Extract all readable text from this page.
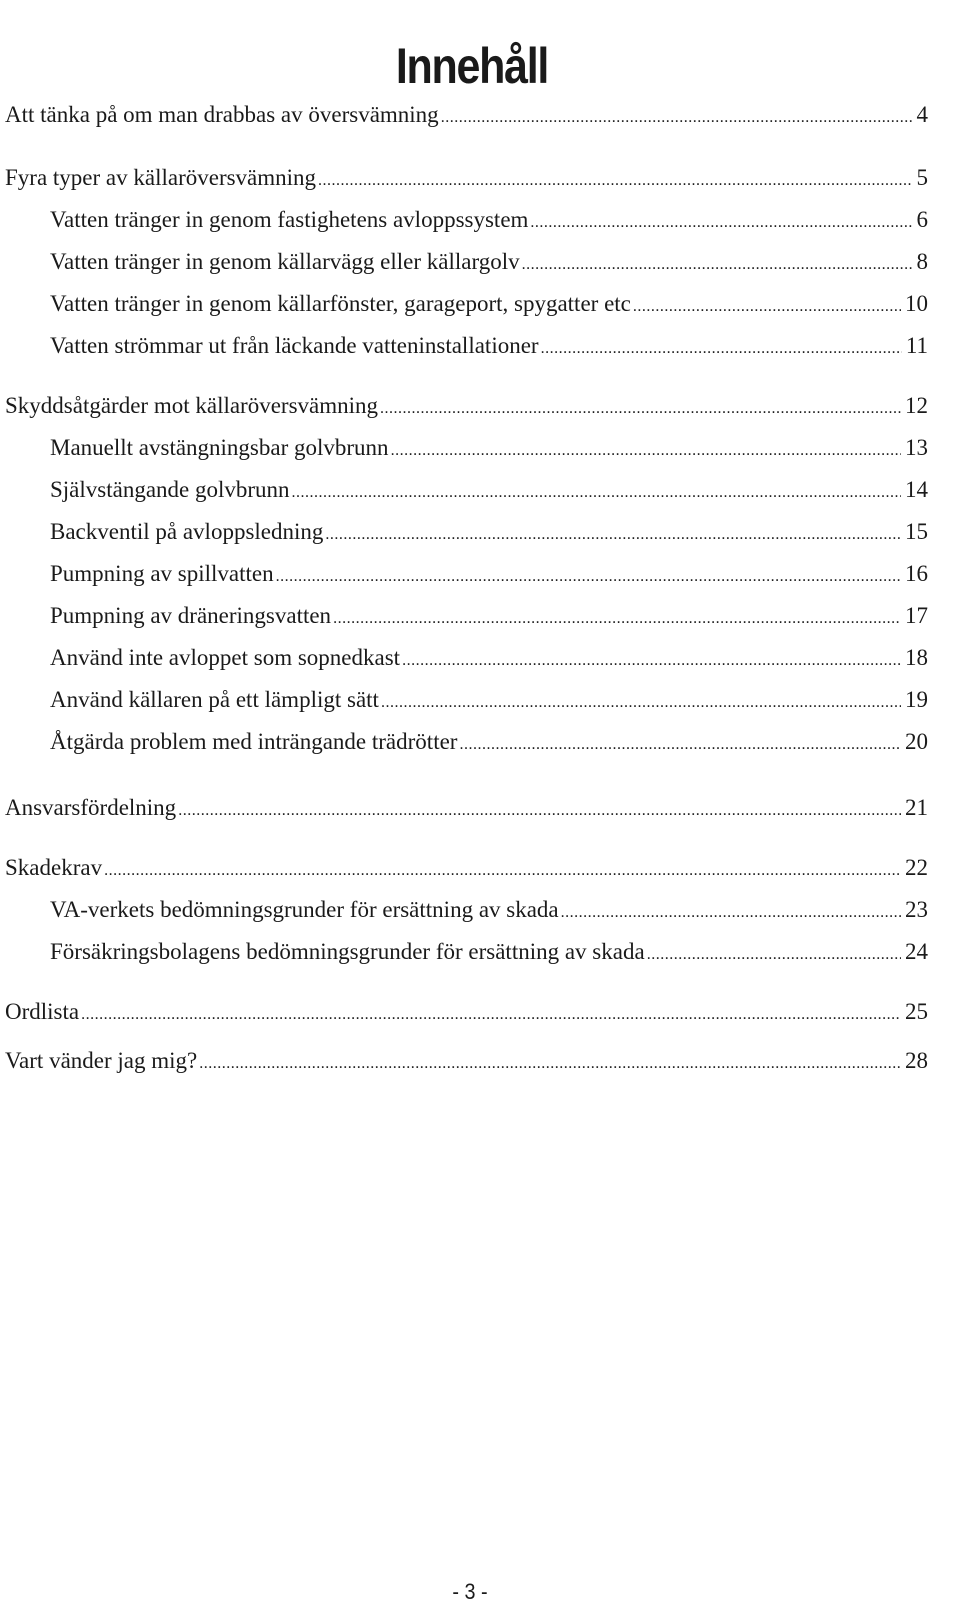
Innehåll
Att tänka på om man drabbas av översvämning .....	4
Fyra typer av källaröversvämning .....	5
Vatten tränger in genom fastighetens avloppssystem .....	6
Vatten tränger in genom källarvägg eller källargolv .....	8
Vatten tränger in genom källarfönster, garageport, spygatter etc .....	10
Vatten strömmar ut från läckande vatteninstallationer .....	11
Skyddsåtgärder mot källaröversvämning .....	12
Manuellt avstängningsbar golvbrunn .....	13
Självstängande golvbrunn .....	14
Backventil på avloppsledning .....	15
Pumpning av spillvatten .....	16
Pumpning av dräneringsvatten .....	17
Använd inte avloppet som sopnedkast .....	18
Använd källaren på ett lämpligt sätt .....	19
Åtgärda problem med inträngande trädrötter .....	20
Ansvarsfördelning .....	21
Skadekrav .....	22
VA-verkets bedömningsgrunder för ersättning av skada .....	23
Försäkringsbolagens bedömningsgrunder för ersättning av skada .....	24
Ordlista .....	25
Vart vänder jag mig? .....	28
- 3 -
